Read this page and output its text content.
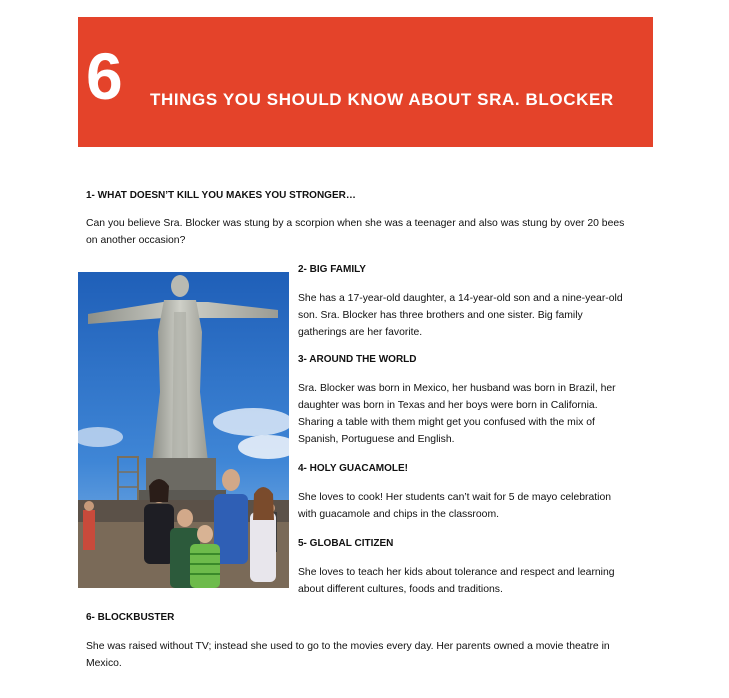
6 THINGS YOU SHOULD KNOW ABOUT SRA. BLOCKER
1- WHAT DOESN’T KILL YOU MAKES YOU STRONGER…
Can you believe Sra. Blocker was stung by a scorpion when she was a teenager and also was stung by over 20 bees
on another occasion?
2- BIG FAMILY
She has a 17-year-old daughter, a 14-year-old son and a nine-year-old
son. Sra. Blocker has three brothers and one sister. Big family
gatherings are her favorite.
3- AROUND THE WORLD
Sra. Blocker was born in Mexico, her husband was born in Brazil, her
daughter was born in Texas and her boys were born in California.
Sharing a table with them might get you confused with the mix of
Spanish, Portuguese and English.
4- HOLY GUACAMOLE!
She loves to cook! Her students can’t wait for 5 de mayo celebration
with guacamole and chips in the classroom.
5- GLOBAL CITIZEN
She loves to teach her kids about tolerance and respect and learning
about different cultures, foods and traditions.
6- BLOCKBUSTER
She was raised without TV; instead she used to go to the movies every day. Her parents owned a movie theatre in
Mexico.
